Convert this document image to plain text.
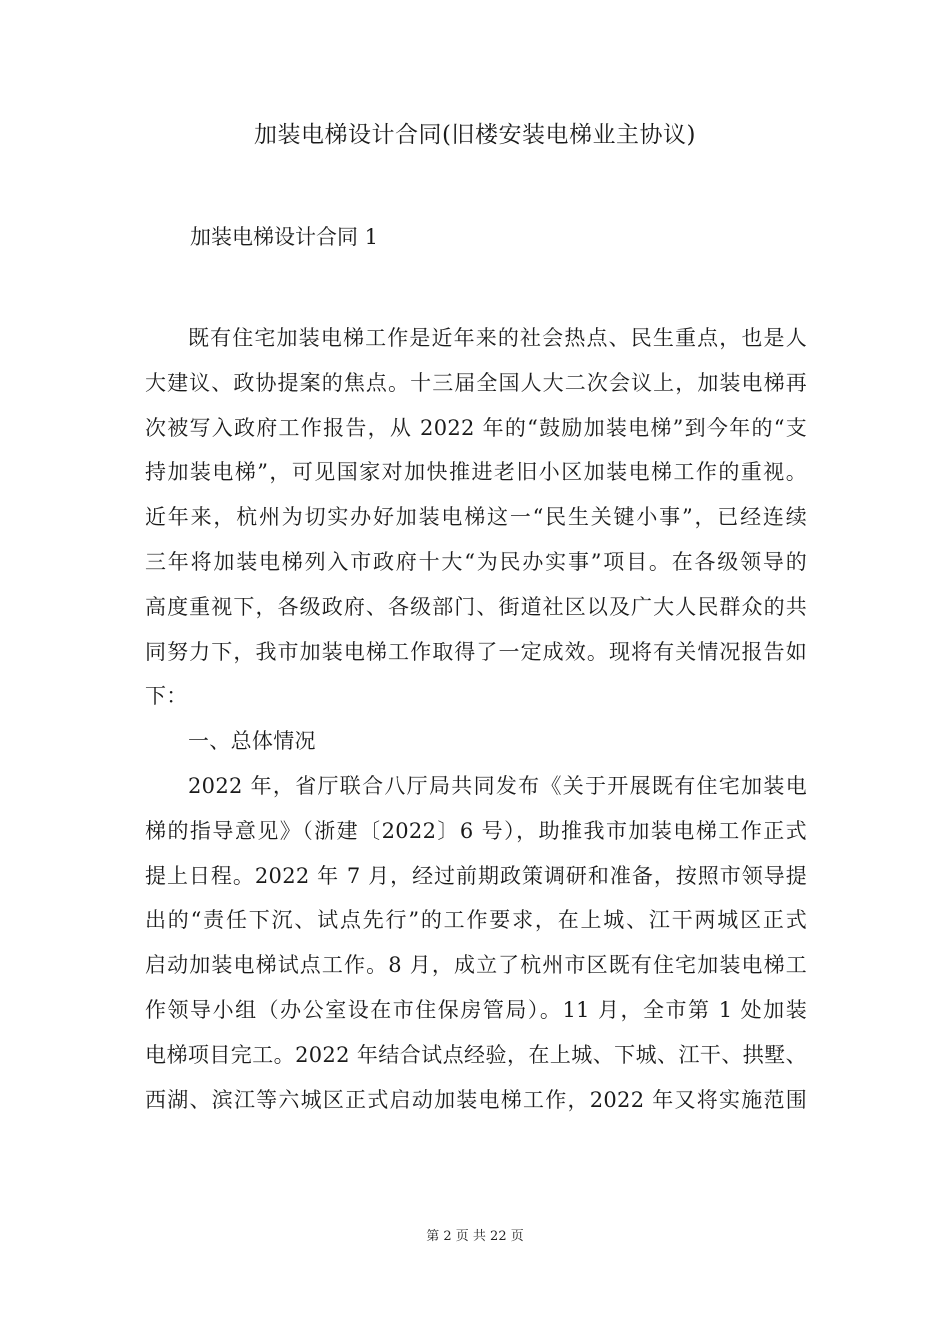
加装电梯设计合同(旧楼安装电梯业主协议)
加装电梯设计合同 1
既有住宅加装电梯工作是近年来的社会热点、民生重点，也是人
大建议、政协提案的焦点。十三届全国人大二次会议上，加装电梯再
次被写入政府工作报告，从 2022 年的“鼓励加装电梯”到今年的“支
持加装电梯”，可见国家对加快推进老旧小区加装电梯工作的重视。
近年来，杭州为切实办好加装电梯这一“民生关键小事”，已经连续
三年将加装电梯列入市政府十大“为民办实事”项目。在各级领导的
高度重视下，各级政府、各级部门、街道社区以及广大人民群众的共
同努力下，我市加装电梯工作取得了一定成效。现将有关情况报告如
下：
一、总体情况
2022 年，省厅联合八厅局共同发布《关于开展既有住宅加装电
梯的指导意见》（浙建〔2022〕6 号），助推我市加装电梯工作正式
提上日程。2022 年 7 月，经过前期政策调研和准备，按照市领导提
出的“责任下沉、试点先行”的工作要求，在上城、江干两城区正式
启动加装电梯试点工作。8 月，成立了杭州市区既有住宅加装电梯工
作领导小组（办公室设在市住保房管局）。11 月，全市第 1 处加装
电梯项目完工。2022 年结合试点经验，在上城、下城、江干、拱墅、
西湖、滨江等六城区正式启动加装电梯工作，2022 年又将实施范围
第 2 页 共 22 页
